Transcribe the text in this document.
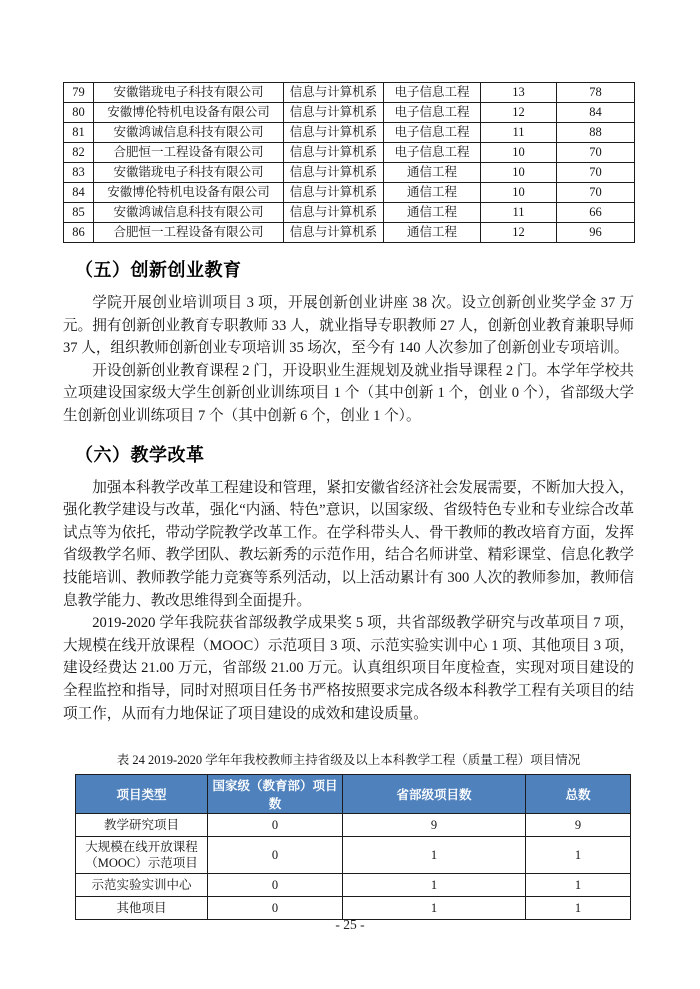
79	安徽锴珑电子科技有限公司	信息与计算机系	电子信息工程	13	78
80	安徽博伦特机电设备有限公司	信息与计算机系	电子信息工程	12	84
81	安徽鸿诚信息科技有限公司	信息与计算机系	电子信息工程	11	88
82	合肥恒一工程设备有限公司	信息与计算机系	电子信息工程	10	70
83	安徽锴珑电子科技有限公司	信息与计算机系	通信工程	10	70
84	安徽博伦特机电设备有限公司	信息与计算机系	通信工程	10	70
85	安徽鸿诚信息科技有限公司	信息与计算机系	通信工程	11	66
86	合肥恒一工程设备有限公司	信息与计算机系	通信工程	12	96
（五）创新创业教育

学院开展创业培训项目 3 项，开展创新创业讲座 38 次。设立创新创业奖学金 37 万元。拥有创新创业教育专职教师 33 人，就业指导专职教师 27 人，创新创业教育兼职导师 37 人，组织教师创新创业专项培训 35 场次，至今有 140 人次参加了创新创业专项培训。

开设创新创业教育课程 2 门，开设职业生涯规划及就业指导课程 2 门。本学年学校共立项建设国家级大学生创新创业训练项目 1 个（其中创新 1 个，创业 0 个），省部级大学生创新创业训练项目 7 个（其中创新 6 个，创业 1 个）。

（六）教学改革

加强本科教学改革工程建设和管理，紧扣安徽省经济社会发展需要，不断加大投入，强化教学建设与改革，强化“内涵、特色”意识，以国家级、省级特色专业和专业综合改革试点等为依托，带动学院教学改革工作。在学科带头人、骨干教师的教改培育方面，发挥省级教学名师、教学团队、教坛新秀的示范作用，结合名师讲堂、精彩课堂、信息化教学技能培训、教师教学能力竞赛等系列活动，以上活动累计有 300 人次的教师参加，教师信息教学能力、教改思维得到全面提升。

2019-2020 学年我院获省部级教学成果奖 5 项，共省部级教学研究与改革项目 7 项，大规模在线开放课程（MOOC）示范项目 3 项、示范实验实训中心 1 项、其他项目 3 项，建设经费达 21.00 万元，省部级 21.00 万元。认真组织项目年度检查，实现对项目建设的全程监控和指导，同时对照项目任务书严格按照要求完成各级本科教学工程有关项目的结项工作，从而有力地保证了项目建设的成效和建设质量。

表 24 2019-2020 学年年我校教师主持省级及以上本科教学工程（质量工程）项目情况
项目类型	国家级（教育部）项目数	省部级项目数	总数
教学研究项目	0	9	9
大规模在线开放课程（MOOC）示范项目	0	1	1
示范实验实训中心	0	1	1
其他项目	0	1	1
- 25 -
